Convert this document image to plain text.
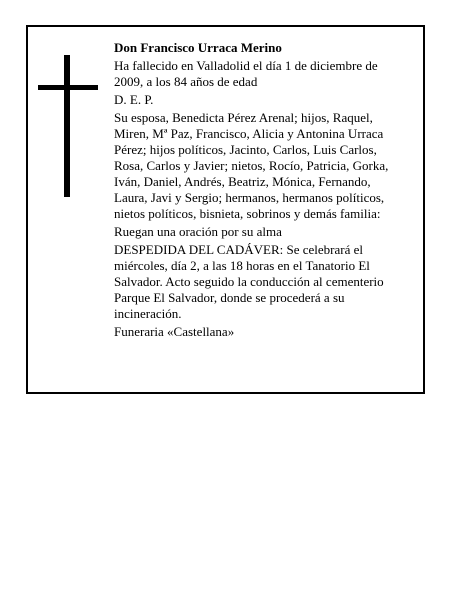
Don Francisco Urraca Merino

Ha fallecido en Valladolid el día 1 de diciembre de 2009, a los 84 años de edad

D. E. P.

Su esposa, Benedicta Pérez Arenal; hijos, Raquel, Miren, Mª Paz, Francisco, Alicia y Antonina Urraca Pérez; hijos políticos, Jacinto, Carlos, Luis Carlos, Rosa, Carlos y Javier; nietos, Rocío, Patricia, Gorka, Iván, Daniel, Andrés, Beatriz, Mónica, Fernando, Laura, Javi y Sergio; hermanos, hermanos políticos, nietos políticos, bisnieta, sobrinos y demás familia:

Ruegan una oración por su alma

DESPEDIDA DEL CADÁVER: Se celebrará el miércoles, día 2, a las 18 horas en el Tanatorio El Salvador. Acto seguido la conducción al cementerio Parque El Salvador, donde se procederá a su incineración.

Funeraria «Castellana»
